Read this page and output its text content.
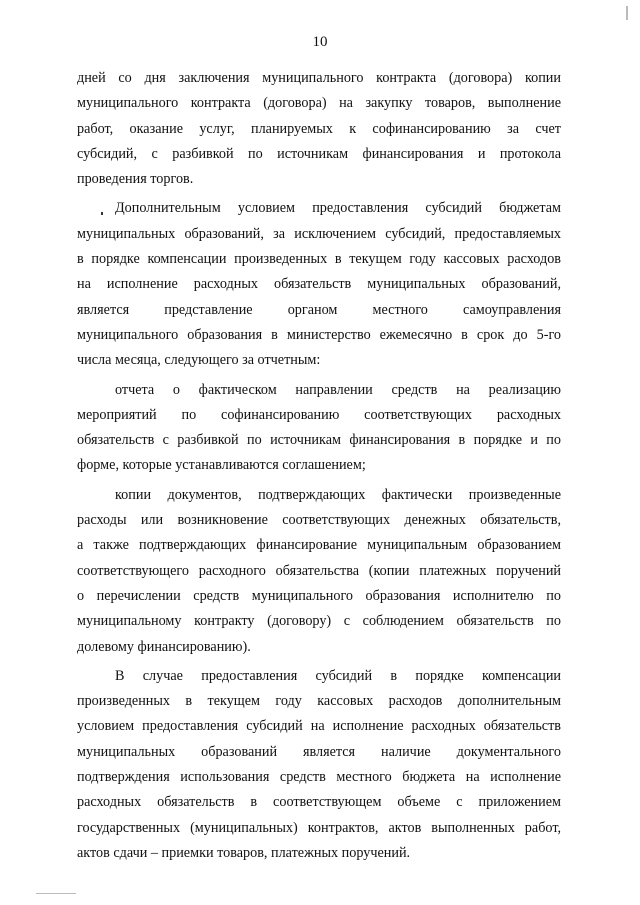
10
дней со дня заключения муниципального контракта (договора) копии
муниципального контракта (договора) на закупку товаров, выполнение
работ, оказание услуг, планируемых к софинансированию за счет
субсидий, с разбивкой по источникам финансирования и протокола
проведения торгов.
Дополнительным условием предоставления субсидий бюджетам
муниципальных образований, за исключением субсидий, предоставляемых
в порядке компенсации произведенных в текущем году кассовых расходов
на исполнение расходных обязательств муниципальных образований,
является представление органом местного самоуправления
муниципального образования в министерство ежемесячно в срок до 5-го
числа месяца, следующего за отчетным:
отчета о фактическом направлении средств на реализацию
мероприятий по софинансированию соответствующих расходных
обязательств с разбивкой по источникам финансирования в порядке и по
форме, которые устанавливаются соглашением;
копии документов, подтверждающих фактически произведенные
расходы или возникновение соответствующих денежных обязательств,
а также подтверждающих финансирование муниципальным образованием
соответствующего расходного обязательства (копии платежных поручений
о перечислении средств муниципального образования исполнителю по
муниципальному контракту (договору) с соблюдением обязательств по
долевому финансированию).
В случае предоставления субсидий в порядке компенсации
произведенных в текущем году кассовых расходов дополнительным
условием предоставления субсидий на исполнение расходных обязательств
муниципальных образований является наличие документального
подтверждения использования средств местного бюджета на исполнение
расходных обязательств в соответствующем объеме с приложением
государственных (муниципальных) контрактов, актов выполненных работ,
актов сдачи – приемки товаров, платежных поручений.
